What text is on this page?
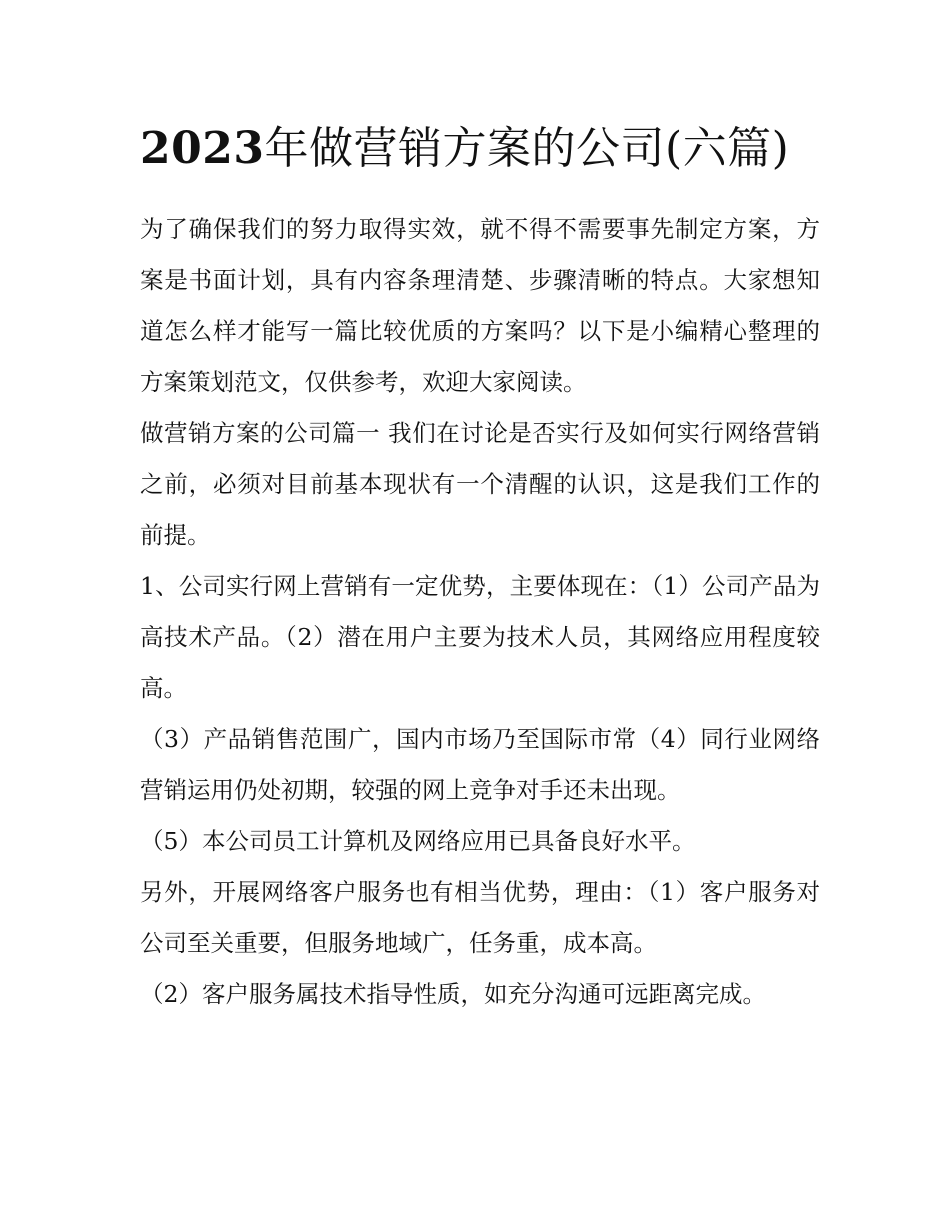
2023年做营销方案的公司(六篇)

为了确保我们的努力取得实效，就不得不需要事先制定方案，方案是书面计划，具有内容条理清楚、步骤清晰的特点。大家想知道怎么样才能写一篇比较优质的方案吗？以下是小编精心整理的方案策划范文，仅供参考，欢迎大家阅读。

做营销方案的公司篇一 我们在讨论是否实行及如何实行网络营销之前，必须对目前基本现状有一个清醒的认识，这是我们工作的前提。

1、公司实行网上营销有一定优势，主要体现在：（1）公司产品为高技术产品。（2）潜在用户主要为技术人员，其网络应用程度较高。

（3）产品销售范围广，国内市场乃至国际市常（4）同行业网络营销运用仍处初期，较强的网上竞争对手还未出现。

（5）本公司员工计算机及网络应用已具备良好水平。

另外，开展网络客户服务也有相当优势，理由：（1）客户服务对公司至关重要，但服务地域广，任务重，成本高。

（2）客户服务属技术指导性质，如充分沟通可远距离完成。
